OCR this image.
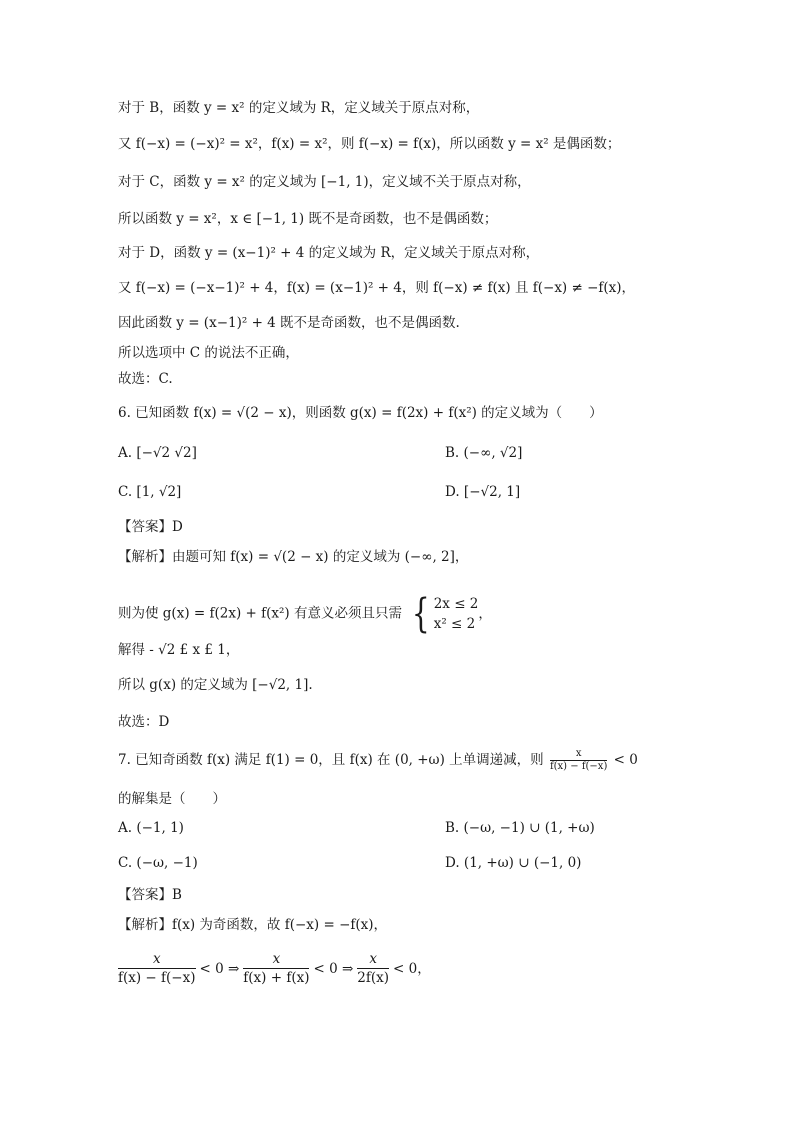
对于 B，函数 y = x² 的定义域为 R，定义域关于原点对称，
又 f(−x) = (−x)² = x²，f(x) = x²，则 f(−x) = f(x)，所以函数 y = x² 是偶函数；
对于 C，函数 y = x² 的定义域为 [−1, 1)，定义域不关于原点对称，
所以函数 y = x²，x ∈ [−1, 1) 既不是奇函数，也不是偶函数；
对于 D，函数 y = (x−1)² + 4 的定义域为 R，定义域关于原点对称，
又 f(−x) = (−x−1)² + 4，f(x) = (x−1)² + 4，则 f(−x) ≠ f(x) 且 f(−x) ≠ −f(x)，
因此函数 y = (x−1)² + 4 既不是奇函数，也不是偶函数.
所以选项中 C 的说法不正确，
故选：C.
6. 已知函数 f(x) = √(2 − x)，则函数 g(x) = f(2x) + f(x²) 的定义域为（　　）
A. [−√2 √2]	B. (−∞, √2]
C. [1, √2]	D. [−√2, 1]
【答案】D
【解析】由题可知 f(x) = √(2 − x) 的定义域为 (−∞, 2]，
则为使 g(x) = f(2x) + f(x²) 有意义必须且只需 { 2x ≤ 2
x² ≤ 2
，
解得 - √2 £ x £ 1，
所以 g(x) 的定义域为 [−√2, 1].
故选：D
7. 已知奇函数 f(x) 满足 f(1) = 0，且 f(x) 在 (0, +ω) 上单调递减，则 $\frac{x}{f(x) - f(-x)} < 0$
的解集是（　　）
A. (−1, 1)	B. (−ω, −1) ∪ (1, +ω)
C. (−ω, −1)	D. (1, +ω) ∪ (−1, 0)
【答案】B
【解析】f(x) 为奇函数，故 f(−x) = −f(x)，
x
f(x) − f(−x)
< 0 ⇒
x
f(x) + f(x)
< 0 ⇒
x
2f(x)
< 0，
